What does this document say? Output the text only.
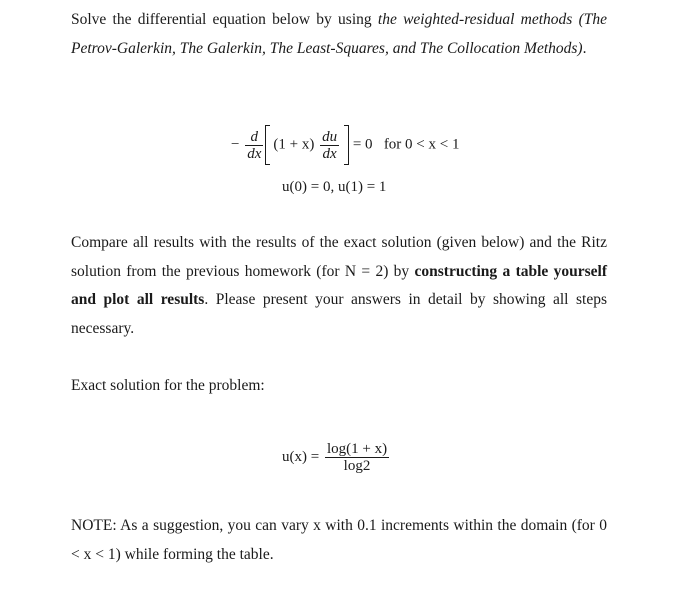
Solve the differential equation below by using the weighted-residual methods (The Petrov-Galerkin, The Galerkin, The Least-Squares, and The Collocation Methods).
− $\frac{d}{dx} (1 + x) \frac{du}{dx} = 0$ for 0 < x < 1
u(0) = 0, u(1) = 1
Compare all results with the results of the exact solution (given below) and the Ritz solution from the previous homework (for N = 2) by constructing a table yourself and plot all results. Please present your answers in detail by showing all steps necessary.
Exact solution for the problem:
$u(x) = \frac{\log(1 + x)}{\log 2}$
NOTE: As a suggestion, you can vary x with 0.1 increments within the domain (for 0 < x < 1) while forming the table.
